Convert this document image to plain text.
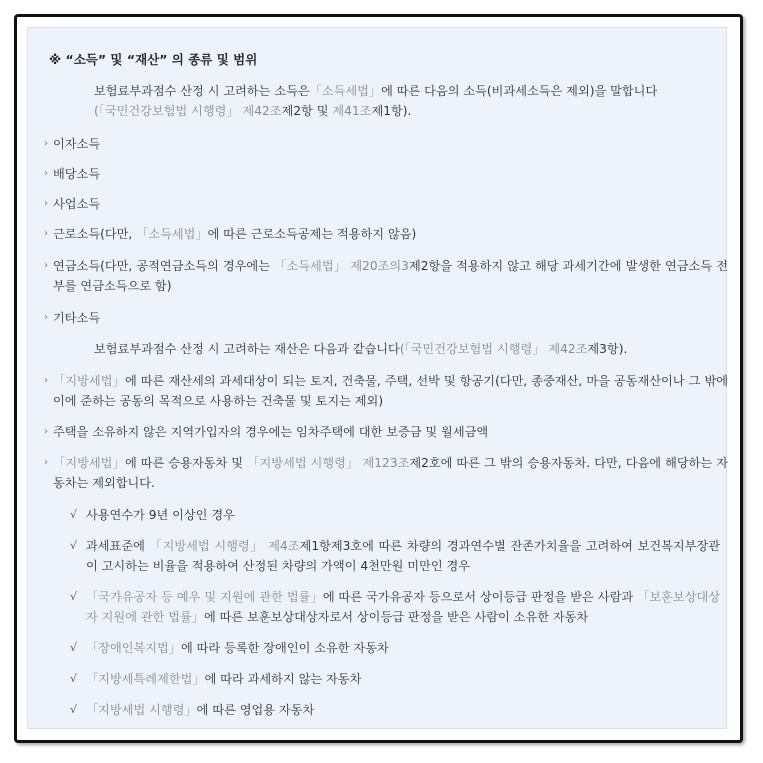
※ “소득” 및 “재산” 의 종류 및 범위
보험료부과점수 산정 시 고려하는 소득은「소득세법」에 따른 다음의 소득(비과세소득은 제외)을 말합니다
(「국민건강보험법 시행령」 제42조제2항 및 제41조제1항).
› 이자소득
› 배당소득
› 사업소득
› 근로소득(다만, 「소득세법」에 따른 근로소득공제는 적용하지 않음)
› 연금소득(다만, 공적연금소득의 경우에는 「소득세법」 제20조의3제2항을 적용하지 않고 해당 과세기간에 발생한 연금소득 전부를 연금소득으로 함)
› 기타소득
보험료부과점수 산정 시 고려하는 재산은 다음과 같습니다(「국민건강보험법 시행령」 제42조제3항).
› 「지방세법」에 따른 재산세의 과세대상이 되는 토지, 건축물, 주택, 선박 및 항공기(다만, 종중재산, 마을 공동재산이나 그 밖에 이에 준하는 공동의 목적으로 사용하는 건축물 및 토지는 제외)
› 주택을 소유하지 않은 지역가입자의 경우에는 임차주택에 대한 보증금 및 월세금액
› 「지방세법」에 따른 승용자동차 및 「지방세법 시행령」 제123조제2호에 따른 그 밖의 승용자동차. 다만, 다음에 해당하는 자동차는 제외합니다.
√ 사용연수가 9년 이상인 경우
√ 과세표준에 「지방세법 시행령」 제4조제1항제3호에 따른 차량의 경과연수별 잔존가치율을 고려하여 보건복지부장관이 고시하는 비율을 적용하여 산정된 차량의 가액이 4천만원 미만인 경우
√ 「국가유공자 등 예우 및 지원에 관한 법률」에 따른 국가유공자 등으로서 상이등급 판정을 받은 사람과 「보훈보상대상자 지원에 관한 법률」에 따른 보훈보상대상자로서 상이등급 판정을 받은 사람이 소유한 자동차
√ 「장애인복지법」에 따라 등록한 장애인이 소유한 자동차
√ 「지방세특례제한법」에 따라 과세하지 않는 자동차
√ 「지방세법 시행령」에 따른 영업용 자동차
